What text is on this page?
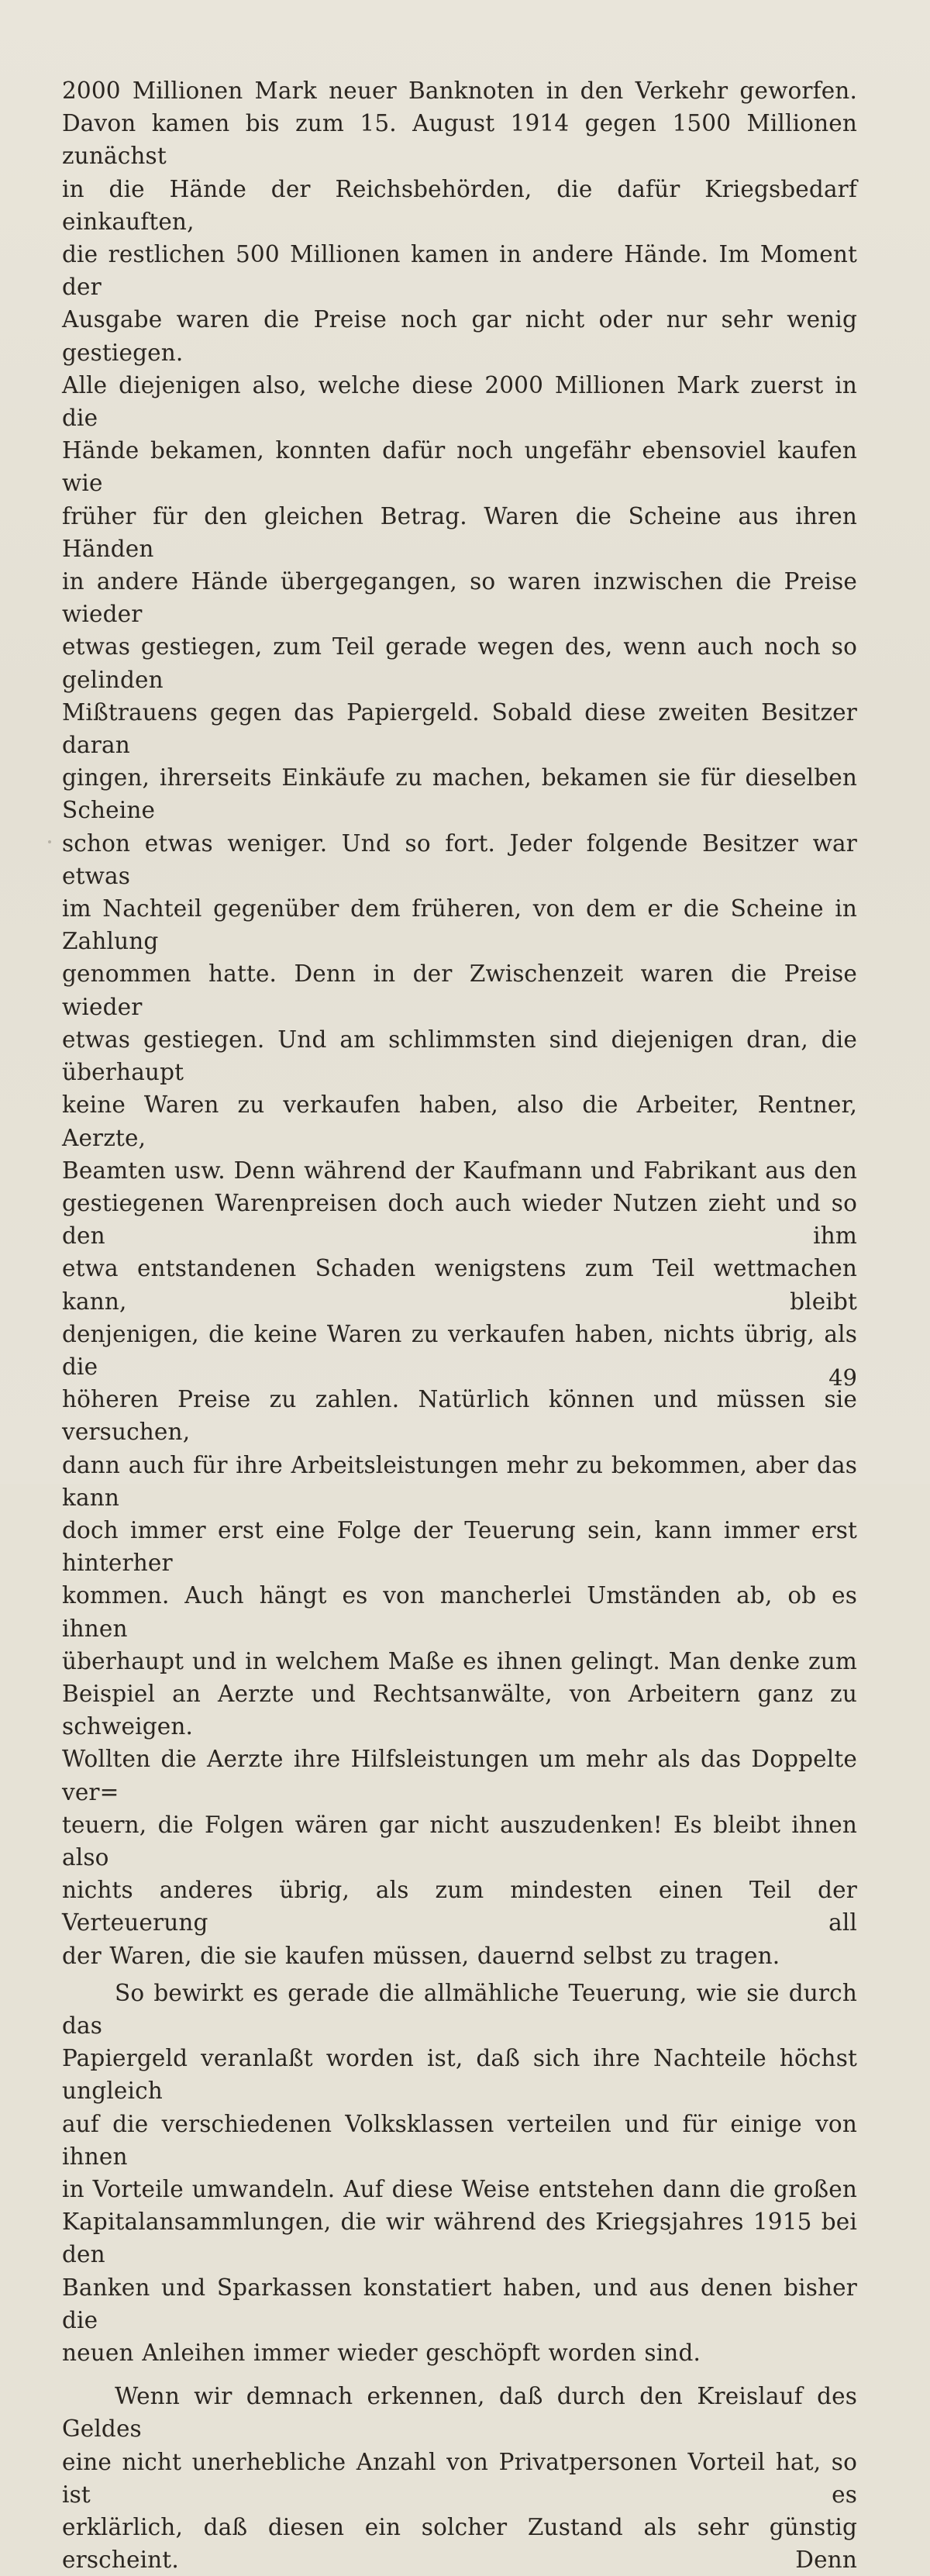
2000 Millionen Mark neuer Banknoten in den Verkehr geworfen.
Davon kamen bis zum 15. August 1914 gegen 1500 Millionen zunächst
in die Hände der Reichsbehörden, die dafür Kriegsbedarf einkauften,
die restlichen 500 Millionen kamen in andere Hände. Im Moment der
Ausgabe waren die Preise noch gar nicht oder nur sehr wenig gestiegen.
Alle diejenigen also, welche diese 2000 Millionen Mark zuerst in die
Hände bekamen, konnten dafür noch ungefähr ebensoviel kaufen wie
früher für den gleichen Betrag. Waren die Scheine aus ihren Händen
in andere Hände übergegangen, so waren inzwischen die Preise wieder
etwas gestiegen, zum Teil gerade wegen des, wenn auch noch so gelinden
Mißtrauens gegen das Papiergeld. Sobald diese zweiten Besitzer daran
gingen, ihrerseits Einkäufe zu machen, bekamen sie für dieselben Scheine
schon etwas weniger. Und so fort. Jeder folgende Besitzer war etwas
im Nachteil gegenüber dem früheren, von dem er die Scheine in Zahlung
genommen hatte. Denn in der Zwischenzeit waren die Preise wieder
etwas gestiegen. Und am schlimmsten sind diejenigen dran, die überhaupt
keine Waren zu verkaufen haben, also die Arbeiter, Rentner, Aerzte,
Beamten usw. Denn während der Kaufmann und Fabrikant aus den
gestiegenen Warenpreisen doch auch wieder Nutzen zieht und so den ihm
etwa entstandenen Schaden wenigstens zum Teil wettmachen kann, bleibt
denjenigen, die keine Waren zu verkaufen haben, nichts übrig, als die
höheren Preise zu zahlen. Natürlich können und müssen sie versuchen,
dann auch für ihre Arbeitsleistungen mehr zu bekommen, aber das kann
doch immer erst eine Folge der Teuerung sein, kann immer erst hinterher
kommen. Auch hängt es von mancherlei Umständen ab, ob es ihnen
überhaupt und in welchem Maße es ihnen gelingt. Man denke zum
Beispiel an Aerzte und Rechtsanwälte, von Arbeitern ganz zu schweigen.
Wollten die Aerzte ihre Hilfsleistungen um mehr als das Doppelte ver=
teuern, die Folgen wären gar nicht auszudenken! Es bleibt ihnen also
nichts anderes übrig, als zum mindesten einen Teil der Verteuerung all
der Waren, die sie kaufen müssen, dauernd selbst zu tragen.
So bewirkt es gerade die allmähliche Teuerung, wie sie durch das
Papiergeld veranlaßt worden ist, daß sich ihre Nachteile höchst ungleich
auf die verschiedenen Volksklassen verteilen und für einige von ihnen
in Vorteile umwandeln. Auf diese Weise entstehen dann die großen
Kapitalansammlungen, die wir während des Kriegsjahres 1915 bei den
Banken und Sparkassen konstatiert haben, und aus denen bisher die
neuen Anleihen immer wieder geschöpft worden sind.
Wenn wir demnach erkennen, daß durch den Kreislauf des Geldes
eine nicht unerhebliche Anzahl von Privatpersonen Vorteil hat, so ist es
erklärlich, daß diesen ein solcher Zustand als sehr günstig erscheint. Denn
49
